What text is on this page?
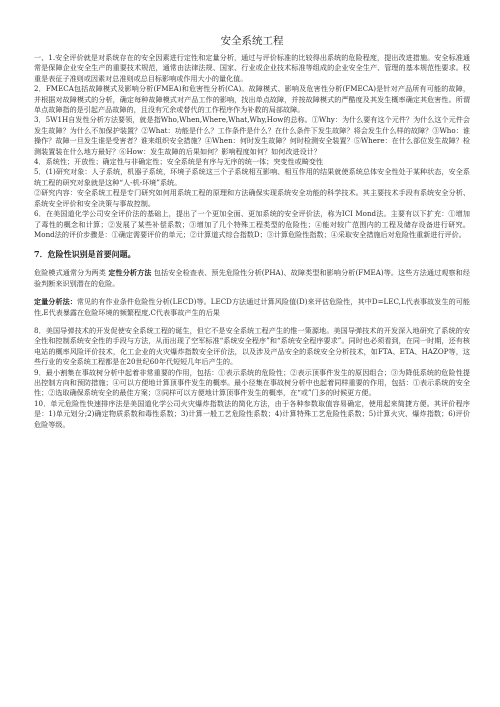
安全系统工程

一、1.安全评价就是对系统存在的安全因素进行定性和定量分析，通过与评价标准的比较得出系统的危险程度，提出改进措施。安全标准通常是保障企业安全生产的重要技术规范，通常由法律法规、国家、行业或企业技术标准等组成的企业安全生产、管理的基本规范性要求。权重是表征子准则或因素对总准则或总目标影响或作用大小的量化值。

2．FMECA包括故障模式及影响分析(FMEA)和危害性分析(CA)。故障模式、影响及危害性分析(FMECA)是针对产品所有可能的故障，并根据对故障模式的分析，确定每种故障模式对产品工作的影响，找出单点故障，并按故障模式的严酷度及其发生概率确定其危害性。所谓单点故障指的是引起产品故障的，且没有冗余或替代的工作程序作为补救的局部故障。

3．5W1H自发性分析方法要领，就是指Who,When,Where,What,Why,How的总称。①Why：为什么要有这个元件？为什么这个元件会发生故障？为什么不加保护装置？②What：功能是什么？工作条件是什么？在什么条件下发生故障？将会发生什么样的故障？③Who：谁操作？故障一旦发生谁是受害者？谁来组织安全措施？④When：何时发生故障？何时检测安全装置？⑤Where：在什么部位发生故障？检测装置装在什么地方最好？⑥How：发生故障的后果如何？影响程度如何？如何改进设计？

4．系统性；开放性；确定性与非确定性；安全系统是有序与无序的统一体；突变性或畸变性

5．(1)研究对象：人子系统，机器子系统，环境子系统这三个子系统相互影响、相互作用的结果就使系统总体安全性处于某种状态，安全系统工程的研究对象就是这种“人-机-环境”系统。

②研究内容：安全系统工程是专门研究如何用系统工程的原理和方法确保实现系统安全功能的科学技术。其主要技术手段有系统安全分析、系统安全评价和安全决策与事故控制。

6．在美国道化学公司安全评价法的基础上，提出了一个更加全面、更加系统的安全评价法，称为ICI Mond法。主要有以下扩充：①增加了毒性的概念和计算；②发展了某些补偿系数；③增加了几个特殊工程类型的危险性；④能对较广范围内的工程及储存设备进行研究。Mond法的评价步骤是：①确定需要评价的单元；②计算道式综合指数D；③计算危险性指数；④采取安全措施后对危险性重新进行评价。

7．危险性识别是首要问题。

危险模式通常分为两类 定性分析方法 包括安全检查表、预先危险性分析(PHA)、故障类型和影响分析(FMEA)等。这些方法通过观察和经验判断来识别潜在的危险。

定量分析法：常见的有作业条件危险性分析(LECD)等。LECD方法通过计算风险值(D)来评估危险性，其中D=LEC,L代表事故发生的可能性,E代表暴露在危险环境的频繁程度,C代表事故产生的后果

8．美国导弹技术的开发促使安全系统工程的诞生，但它不是安全系统工程产生的惟一策源地。美国导弹技术的开发深入地研究了系统的安全性和控制系统安全性的手段与方法，从而出现了空军标准“系统安全程序”和“系统安全程序要求”。同时也必须看到，在同一时期，还有核电站的概率风险评价技术，化工企业的火灾爆炸指数安全评价法，以及涉及产品安全的系统安全分析技术，如FTA、ETA、HAZOP等，这些行业的安全系统工程都是在20世纪60年代短短几年后产生的。

9．最小割集在事故树分析中起着非常重要的作用，包括：①表示系统的危险性；②表示顶事件发生的原因组合；③为降低系统的危险性提出控制方向和预防措施；④可以方便地计算顶事件发生的概率。最小径集在事故树分析中也起着同样重要的作用，包括：①表示系统的安全性；②选取确保系统安全的最佳方案；③同样可以方便地计算顶事件发生的概率，在“或”门多的时候更方便。

10．单元危险性快速排序法是美国道化学公司火灾爆炸指数法的简化方法，由于各种参数取值容易确定，使用起来简捷方便。其评价程序是：1)单元划分;2)确定物质系数和毒性系数；3)计算一般工艺危险性系数；4)计算特殊工艺危险性系数；5)计算火灾、爆炸指数；6)评价危险等级。
